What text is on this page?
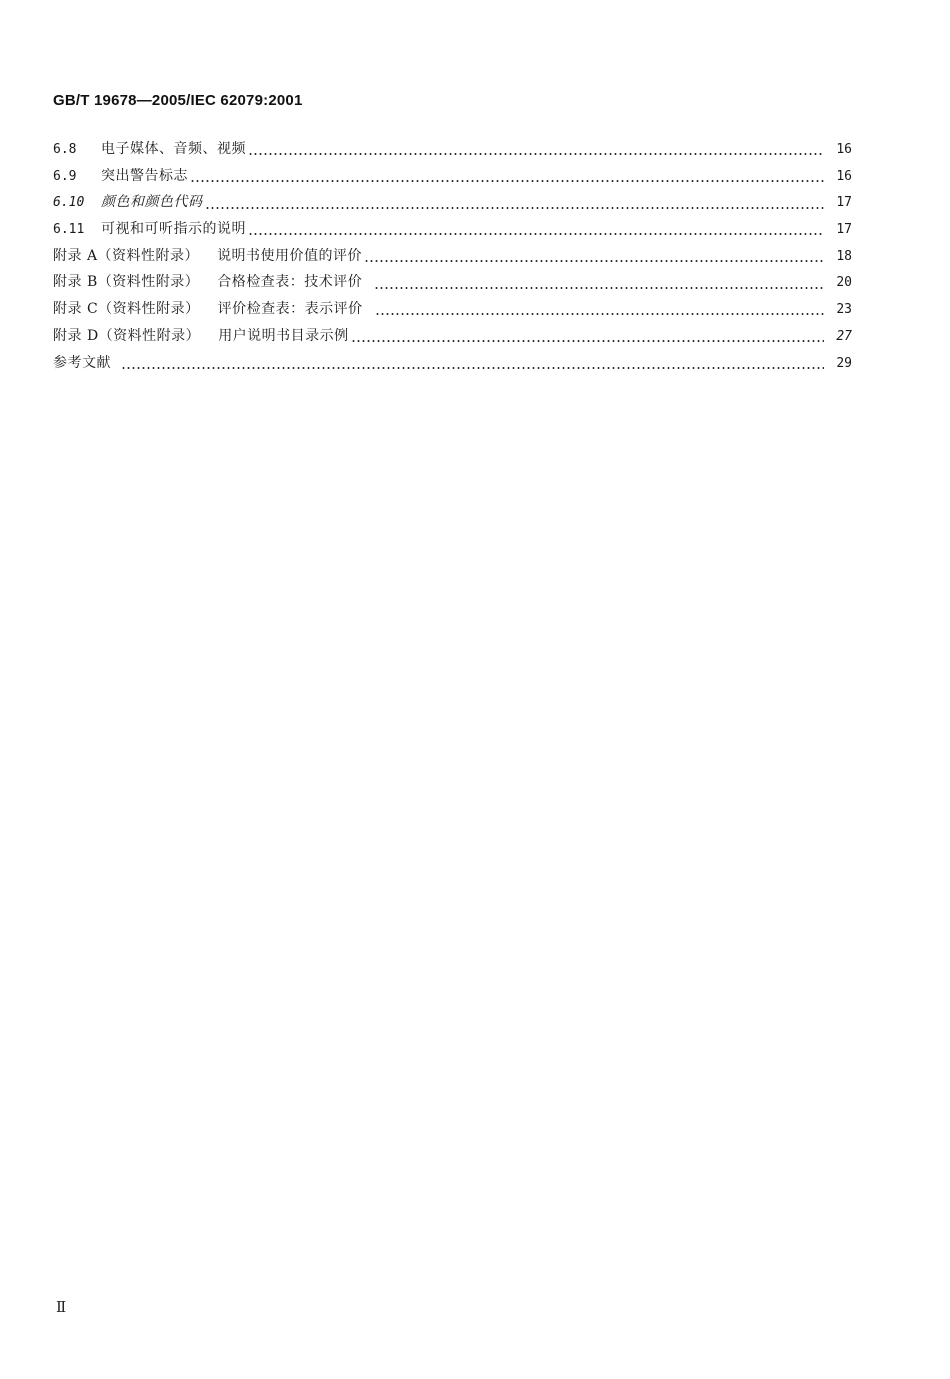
GB/T 19678—2005/IEC 62079:2001
6.8	电子媒体、音频、视频	16
6.9	突出警告标志	16
6.10	颜色和颜色代码	17
6.11	可视和可听指示的说明	17
附录 A（资料性附录） 说明书使用价值的评价	18
附录 B（资料性附录） 合格检查表：技术评价	20
附录 C（资料性附录） 评价检查表：表示评价	23
附录 D（资料性附录） 用户说明书目录示例	27
参考文献	29
Ⅱ
